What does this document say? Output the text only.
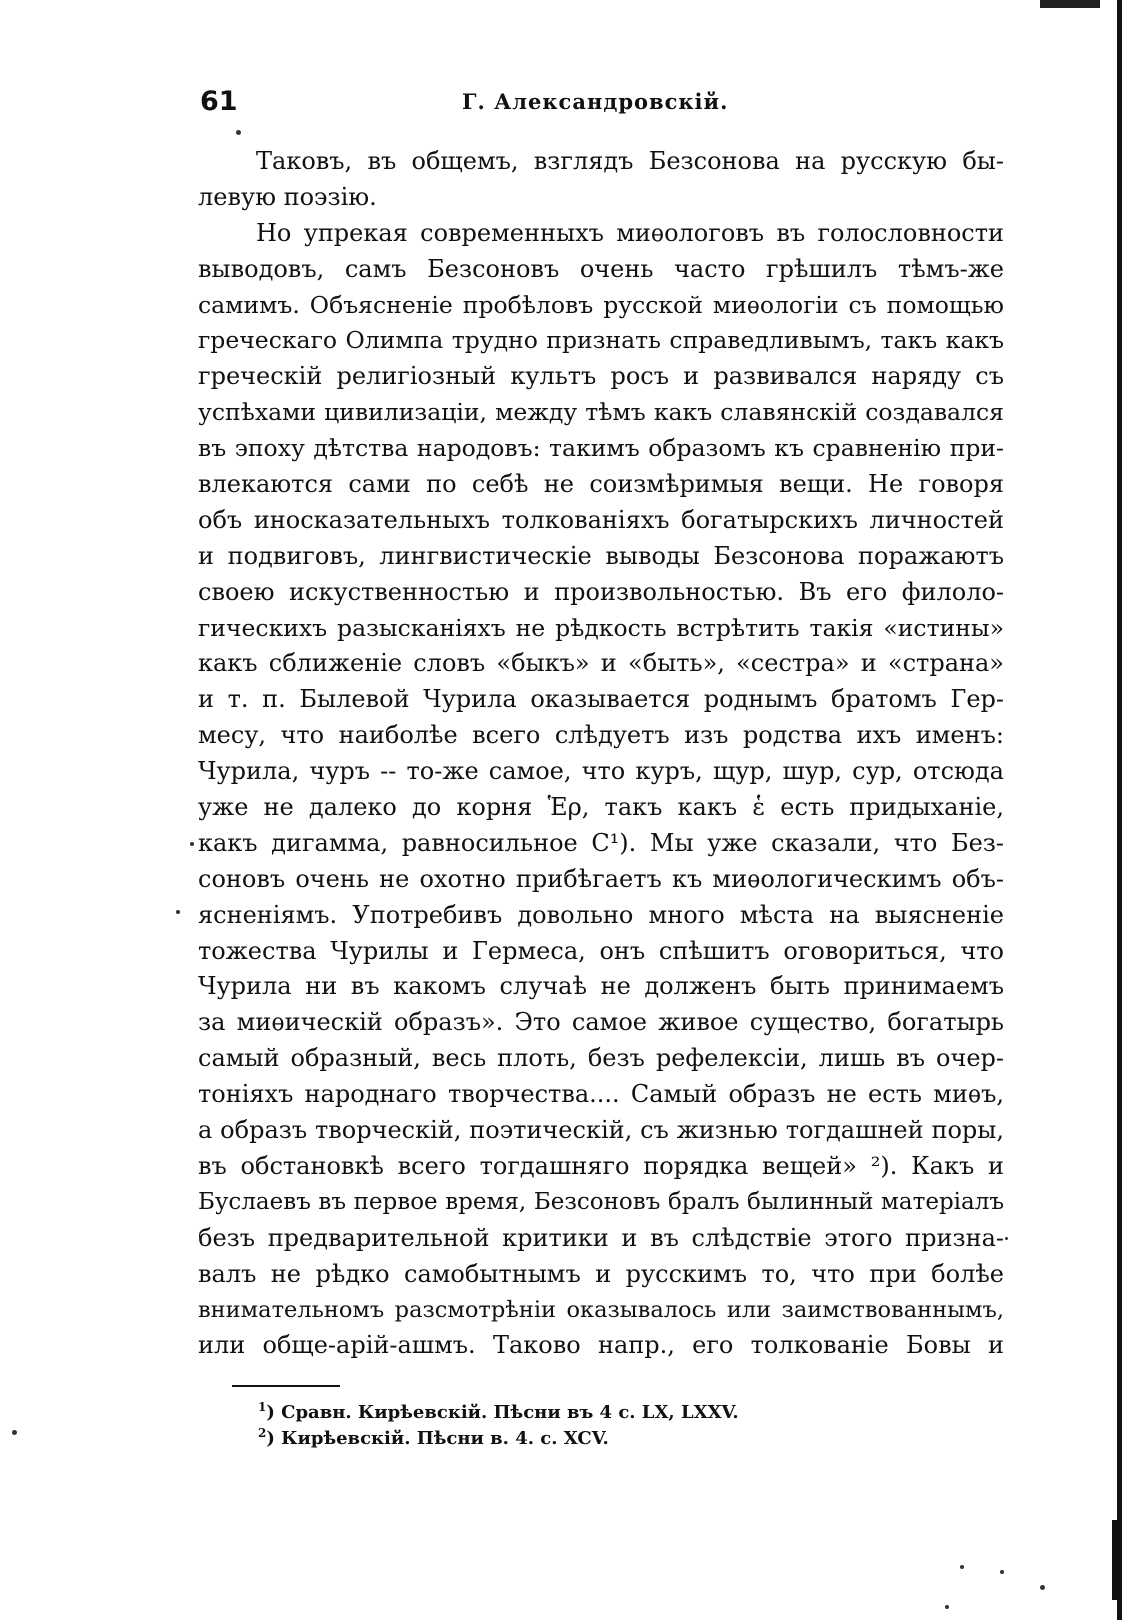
61	Г. Александровскій.
Таковъ, въ общемъ, взглядъ Безсонова на русскую бы-
левую поэзію.
Но упрекая современныхъ миѳологовъ въ голословности
выводовъ, самъ Безсоновъ очень часто грѣшилъ тѣмъ-же
самимъ. Объясненіе пробѣловъ русской миѳологіи съ помощью
греческаго Олимпа трудно признать справедливымъ, такъ какъ
греческій религіозный культъ росъ и развивался наряду съ
успѣхами цивилизаціи, между тѣмъ какъ славянскій создавался
въ эпоху дѣтства народовъ: такимъ образомъ къ сравненію при-
влекаются сами по себѣ не соизмѣримыя вещи. Не говоря
объ иносказательныхъ толкованіяхъ богатырскихъ личностей
и подвиговъ, лингвистическіе выводы Безсонова поражаютъ
своею искуственностью и произвольностью. Въ его филоло-
гическихъ разысканіяхъ не рѣдкость встрѣтить такія «истины»
какъ сближеніе словъ «быкъ» и «быть», «сестра» и «страна»
и т. п. Былевой Чурила оказывается роднымъ братомъ Гер-
месу, что наиболѣе всего слѣдуетъ изъ родства ихъ именъ:
Чурила, чуръ -- то-же самое, что куръ, щур, шур, сур, отсюда
уже не далеко до корня Ἑρ, такъ какъ ἑ есть придыханіе,
какъ дигамма, равносильное С¹). Мы уже сказали, что Без-
соновъ очень не охотно прибѣгаетъ къ миѳологическимъ объ-
ясненіямъ. Употребивъ довольно много мѣста на выясненіе
тожества Чурилы и Гермеса, онъ спѣшитъ оговориться, что
Чурила ни въ какомъ случаѣ не долженъ быть принимаемъ
за миѳическій образъ». Это самое живое существо, богатырь
самый образный, весь плоть, безъ рефелексіи, лишь въ очер-
тоніяхъ народнаго творчества.... Самый образъ не есть миѳъ,
а образъ творческій, поэтическій, съ жизнью тогдашней поры,
въ обстановкѣ всего тогдашняго порядка вещей» ²). Какъ и
Буслаевъ въ первое время, Безсоновъ бралъ былинный матеріалъ
безъ предварительной критики и въ слѣдствіе этого призна-
валъ не рѣдко самобытнымъ и русскимъ то, что при болѣе
внимательномъ разсмотрѣніи оказывалось или заимствованнымъ,
или обще-арій-ашмъ. Таково напр., его толкованіе Бовы и
$^1$) Сравн. Кирѣевскій. Пѣсни въ 4 с. LX, LXXV.
$^2$) Кирѣевскій. Пѣсни в. 4. с. XCV.
